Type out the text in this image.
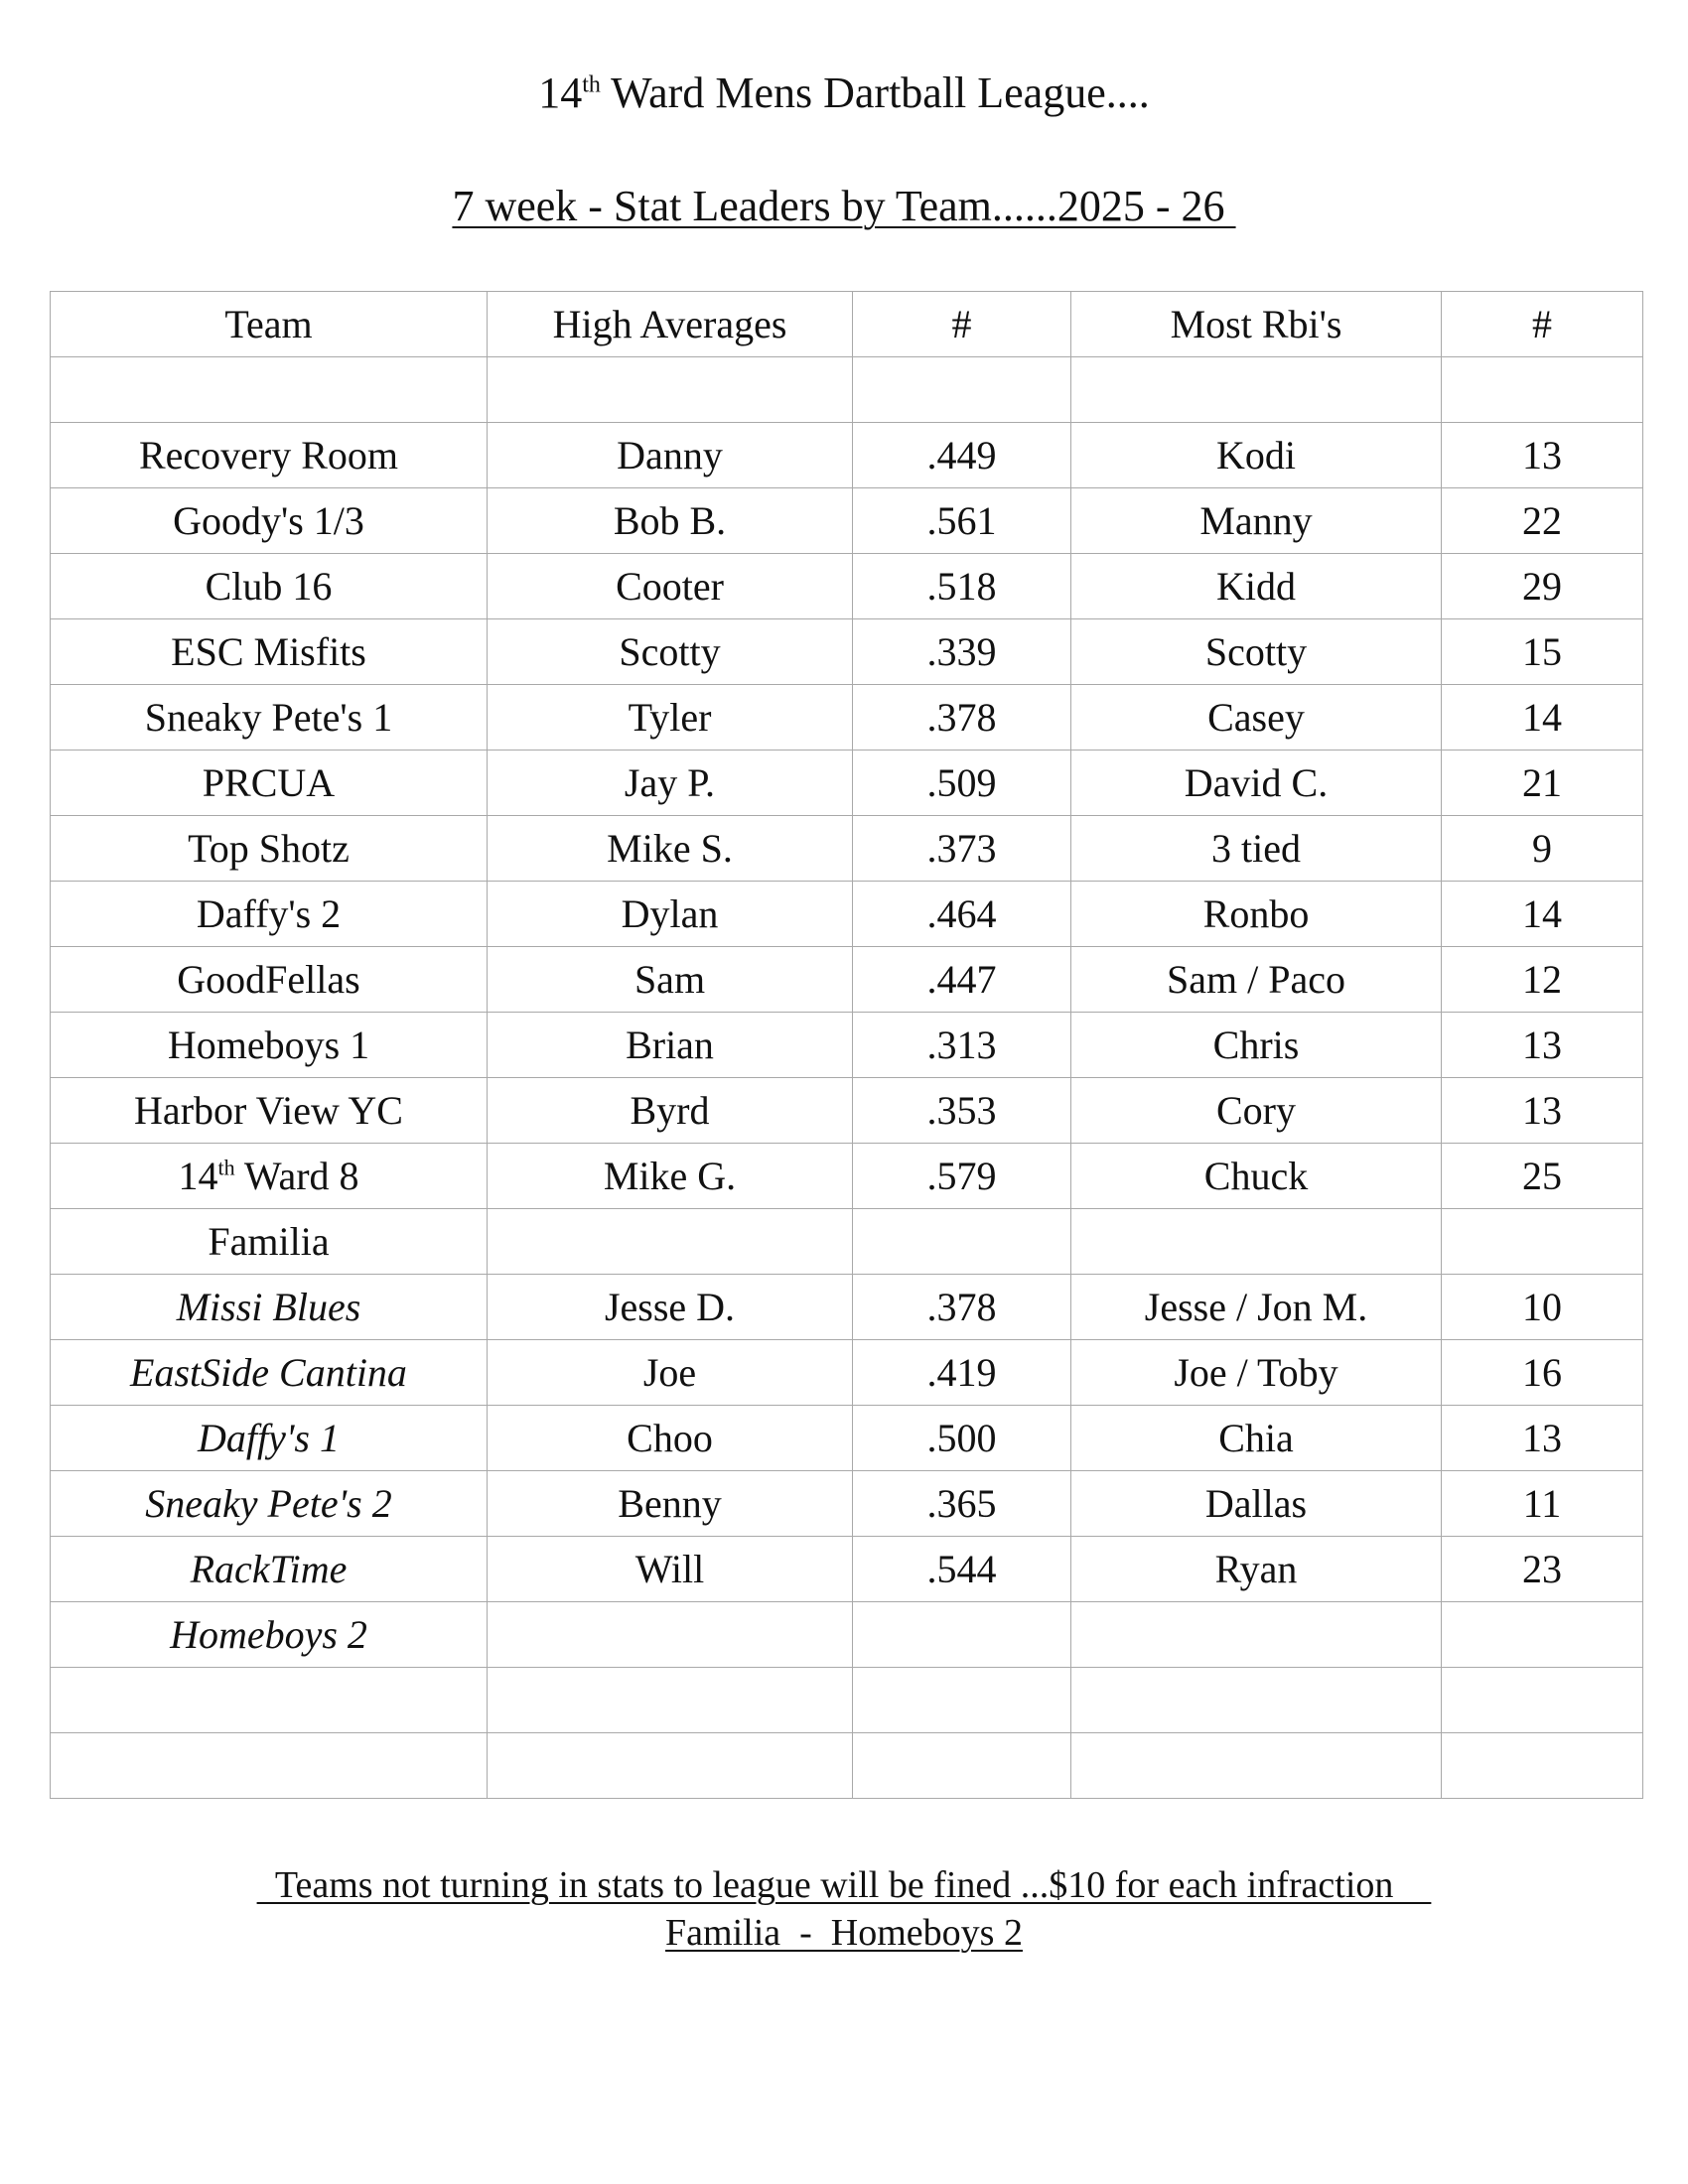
14th Ward Mens Dartball League....
7 week - Stat Leaders by Team......2025 - 26
Team	High Averages	#	Most Rbi's	#

Recovery Room	Danny	.449	Kodi	13
Goody's 1/3	Bob B.	.561	Manny	22
Club 16	Cooter	.518	Kidd	29
ESC Misfits	Scotty	.339	Scotty	15
Sneaky Pete's 1	Tyler	.378	Casey	14
PRCUA	Jay P.	.509	David C.	21
Top Shotz	Mike S.	.373	3 tied	9
Daffy's 2	Dylan	.464	Ronbo	14
GoodFellas	Sam	.447	Sam / Paco	12
Homeboys 1	Brian	.313	Chris	13
Harbor View YC	Byrd	.353	Cory	13
14th Ward 8	Mike G.	.579	Chuck	25
Familia				
Missi Blues	Jesse D.	.378	Jesse / Jon M.	10
EastSide Cantina	Joe	.419	Joe / Toby	16
Daffy's 1	Choo	.500	Chia	13
Sneaky Pete's 2	Benny	.365	Dallas	11
RackTime	Will	.544	Ryan	23
Homeboys 2				

Teams not turning in stats to league will be fined ...$10 for each infraction
Familia  -  Homeboys 2
